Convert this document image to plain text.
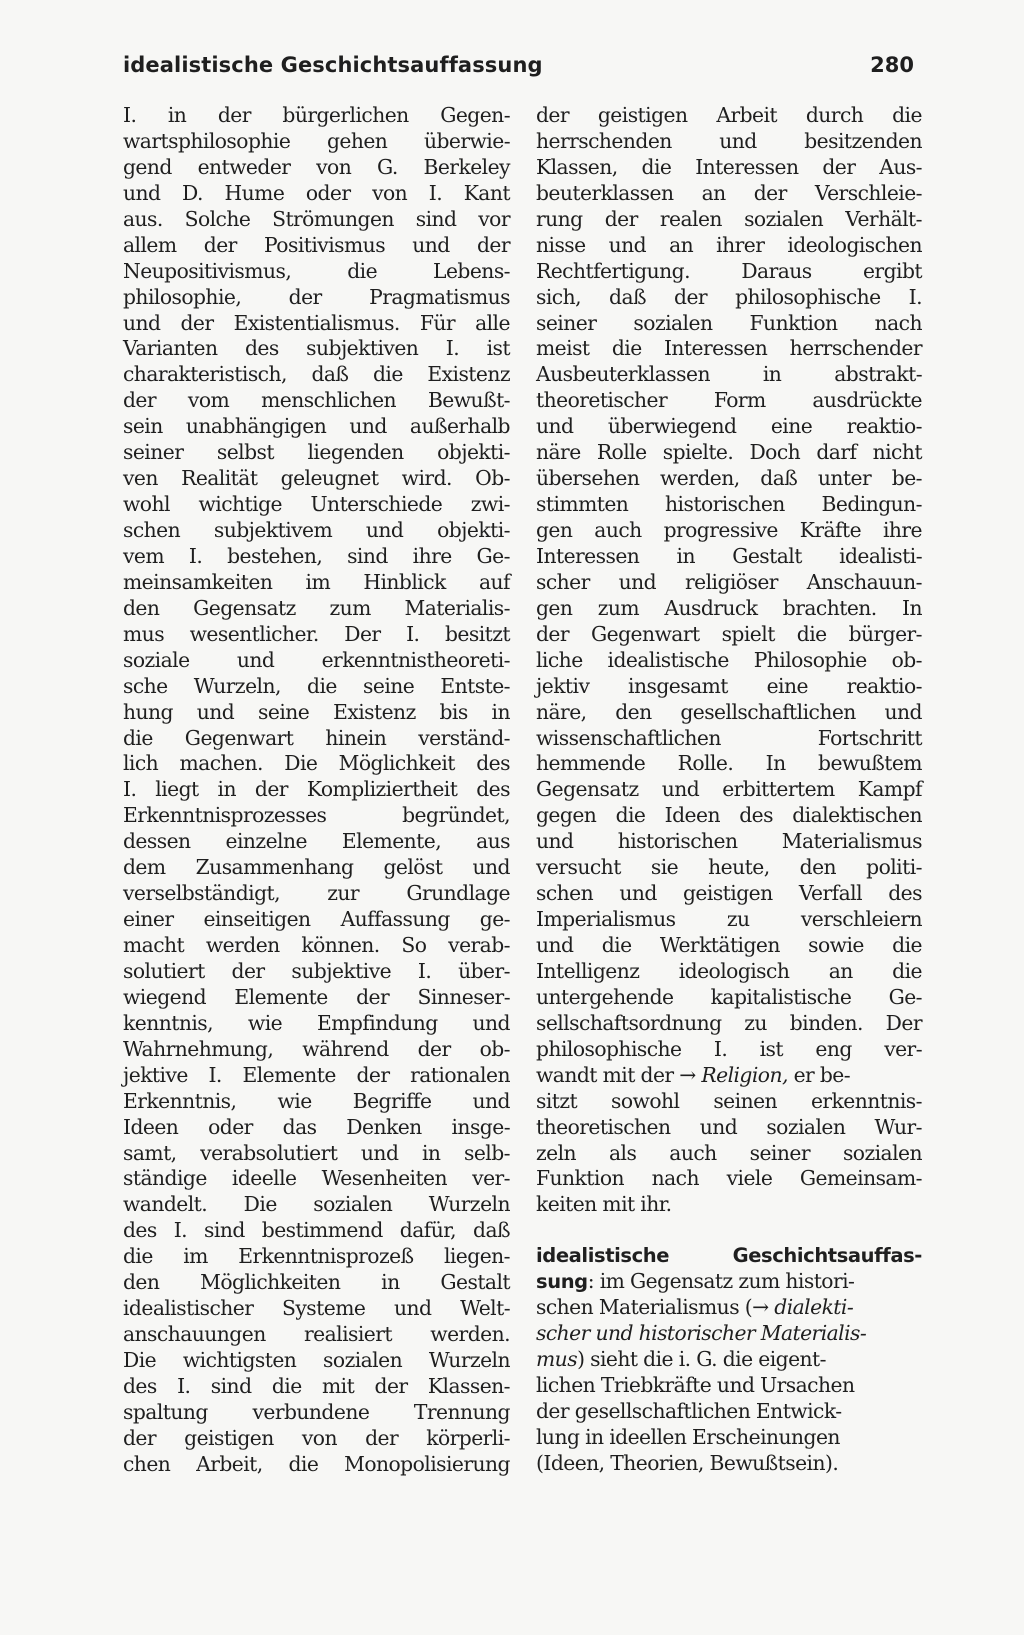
idealistische Geschichtsauffassung	280
I. in der bürgerlichen Gegen-
wartsphilosophie gehen überwie-
gend entweder von G. Berkeley
und D. Hume oder von I. Kant
aus. Solche Strömungen sind vor
allem der Positivismus und der
Neupositivismus,	die	Lebens-
philosophie, der Pragmatismus
und der Existentialismus. Für alle
Varianten des subjektiven I. ist
charakteristisch, daß die Existenz
der vom menschlichen Bewußt-
sein unabhängigen und außerhalb
seiner selbst liegenden objekti-
ven Realität geleugnet wird. Ob-
wohl wichtige Unterschiede zwi-
schen subjektivem und objekti-
vem I. bestehen, sind ihre Ge-
meinsamkeiten im Hinblick auf
den Gegensatz zum Materialis-
mus wesentlicher. Der I. besitzt
soziale und erkenntnistheoreti-
sche Wurzeln, die seine Entste-
hung und seine Existenz bis in
die Gegenwart hinein verständ-
lich machen. Die Möglichkeit des
I. liegt in der Kompliziertheit des
Erkenntnisprozesses	begründet,
dessen einzelne Elemente, aus
dem Zusammenhang gelöst und
verselbständigt, zur Grundlage
einer einseitigen Auffassung ge-
macht werden können. So verab-
solutiert der subjektive I. über-
wiegend Elemente der Sinneser-
kenntnis, wie Empfindung und
Wahrnehmung, während der ob-
jektive I. Elemente der rationalen
Erkenntnis, wie Begriffe und
Ideen oder das Denken insge-
samt, verabsolutiert und in selb-
ständige ideelle Wesenheiten ver-
wandelt. Die sozialen Wurzeln
des I. sind bestimmend dafür, daß
die im Erkenntnisprozeß liegen-
den Möglichkeiten in Gestalt
idealistischer Systeme und Welt-
anschauungen realisiert werden.
Die wichtigsten sozialen Wurzeln
des I. sind die mit der Klassen-
spaltung verbundene Trennung
der geistigen von der körperli-
chen Arbeit, die Monopolisierung
der geistigen Arbeit durch die
herrschenden und besitzenden
Klassen, die Interessen der Aus-
beuterklassen an der Verschleie-
rung der realen sozialen Verhält-
nisse und an ihrer ideologischen
Rechtfertigung.	Daraus	ergibt
sich, daß der philosophische I.
seiner sozialen Funktion nach
meist die Interessen herrschender
Ausbeuterklassen	in	abstrakt-
theoretischer Form ausdrückte
und überwiegend eine reaktio-
näre Rolle spielte. Doch darf nicht
übersehen werden, daß unter be-
stimmten historischen Bedingun-
gen auch progressive Kräfte ihre
Interessen in Gestalt idealisti-
scher und religiöser Anschauun-
gen zum Ausdruck brachten. In
der Gegenwart spielt die bürger-
liche idealistische Philosophie ob-
jektiv insgesamt eine reaktio-
näre, den gesellschaftlichen und
wissenschaftlichen	Fortschritt
hemmende Rolle. In bewußtem
Gegensatz und erbittertem Kampf
gegen die Ideen des dialektischen
und historischen Materialismus
versucht sie heute, den politi-
schen und geistigen Verfall des
Imperialismus	zu	verschleiern
und die Werktätigen sowie die
Intelligenz ideologisch an die
untergehende kapitalistische Ge-
sellschaftsordnung zu binden. Der
philosophische I. ist eng ver-
wandt mit der → Religion, er be-
sitzt sowohl seinen erkenntnis-
theoretischen und sozialen Wur-
zeln als auch seiner sozialen
Funktion nach viele Gemeinsam-
keiten mit ihr.
idealistische	Geschichtsauffas-
sung: im Gegensatz zum histori-
schen Materialismus (→ dialekti-
scher und historischer Materialis-
mus) sieht die i. G. die eigent-
lichen Triebkräfte und Ursachen
der gesellschaftlichen Entwick-
lung in ideellen Erscheinungen
(Ideen, Theorien, Bewußtsein).
